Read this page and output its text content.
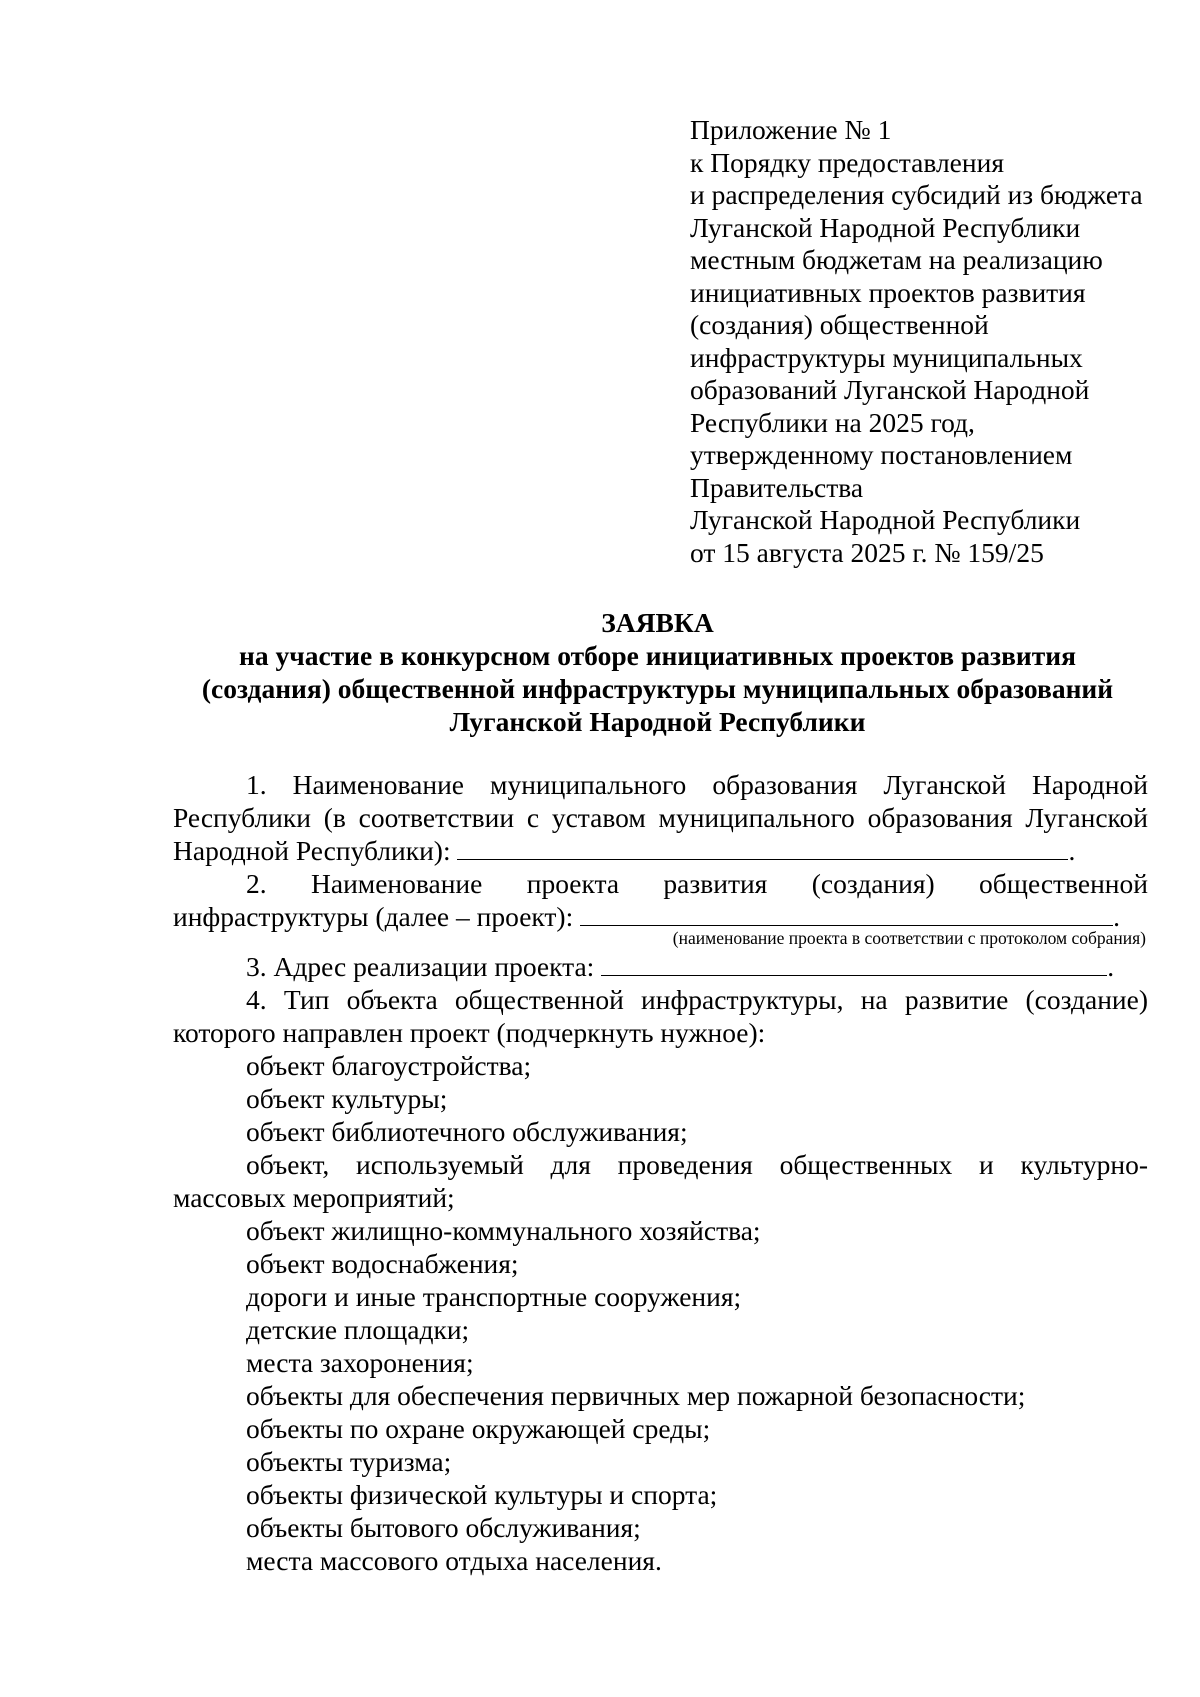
Приложение № 1
к Порядку предоставления
и распределения субсидий из бюджета
Луганской Народной Республики
местным бюджетам на реализацию
инициативных проектов развития
(создания) общественной
инфраструктуры муниципальных
образований Луганской Народной
Республики на 2025 год,
утвержденному постановлением
Правительства
Луганской Народной Республики
от 15 августа 2025 г. № 159/25
ЗАЯВКА
на участие в конкурсном отборе инициативных проектов развития
(создания) общественной инфраструктуры муниципальных образований
Луганской Народной Республики
1. Наименование муниципального образования Луганской Народной
Республики (в соответствии с уставом муниципального образования Луганской
Народной Республики):	.
2. Наименование проекта развития (создания) общественной
инфраструктуры (далее – проект):	.
(наименование проекта в соответствии с протоколом собрания)
3. Адрес реализации проекта:	.
4. Тип объекта общественной инфраструктуры, на развитие (создание)
которого направлен проект (подчеркнуть нужное):
объект благоустройства;
объект культуры;
объект библиотечного обслуживания;
объект, используемый для проведения общественных и культурно-
массовых мероприятий;
объект жилищно-коммунального хозяйства;
объект водоснабжения;
дороги и иные транспортные сооружения;
детские площадки;
места захоронения;
объекты для обеспечения первичных мер пожарной безопасности;
объекты по охране окружающей среды;
объекты туризма;
объекты физической культуры и спорта;
объекты бытового обслуживания;
места массового отдыха населения.
